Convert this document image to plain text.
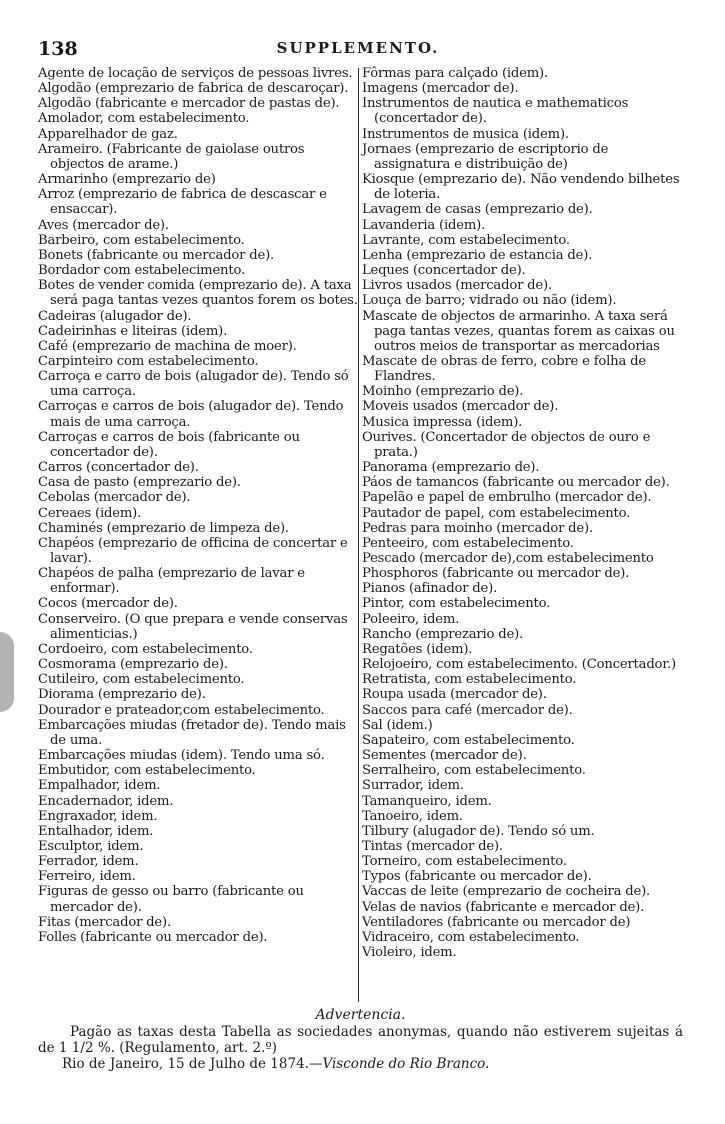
138	SUPPLEMENTO.
Agente de locação de serviços de pessoas livres.
Algodão (emprezario de fabrica de descaroçar).
Algodão (fabricante e mercador de pastas de).
Amolador, com estabelecimento.
Apparelhador de gaz.
Arameiro. (Fabricante de gaiolase outros objectos de arame.)
Armarinho (emprezario de)
Arroz (emprezario de fabrica de descascar e ensaccar).
Aves (mercador de).
Barbeiro, com estabelecimento.
Bonets (fabricante ou mercador de).
Bordador com estabelecimento.
Botes de vender comida (emprezario de). A taxa será paga tantas vezes quantos forem os botes.
Cadeiras (alugador de).
Cadeirinhas e liteiras (idem).
Café (emprezario de machina de moer).
Carpinteiro com estabelecimento.
Carroça e carro de bois (alugador de). Tendo só uma carroça.
Carroças e carros de bois (alugador de). Tendo mais de uma carroça.
Carroças e carros de bois (fabricante ou concertador de).
Carros (concertador de).
Casa de pasto (emprezario de).
Cebolas (mercador de).
Cereaes (idem).
Chaminés (emprezario de limpeza de).
Chapéos (emprezario de officina de concertar e lavar).
Chapéos de palha (emprezario de lavar e enformar).
Cocos (mercador de).
Conserveiro. (O que prepara e vende conservas alimenticias.)
Cordoeiro, com estabelecimento.
Cosmorama (emprezario de).
Cutileiro, com estabelecimento.
Diorama (emprezario de).
Dourador e prateador,com estabelecimento.
Embarcações miudas (fretador de). Tendo mais de uma.
Embarcações miudas (idem). Tendo uma só.
Embutidor, com estabelecimento.
Empalhador, idem.
Encadernador, idem.
Engraxador, idem.
Entalhador, idem.
Esculptor, idem.
Ferrador, idem.
Ferreiro, idem.
Figuras de gesso ou barro (fabricante ou mercador de).
Fitas (mercador de).
Folles (fabricante ou mercador de).
Fôrmas para calçado (idem).
Imagens (mercador de).
Instrumentos de nautica e mathematicos (concertador de).
Instrumentos de musica (idem).
Jornaes (emprezario de escriptorio de assignatura e distribuição de)
Kiosque (emprezario de). Não vendendo bilhetes de loteria.
Lavagem de casas (emprezario de).
Lavanderia (idem).
Lavrante, com estabelecimento.
Lenha (emprezario de estancia de).
Leques (concertador de).
Livros usados (mercador de).
Louça de barro; vidrado ou não (idem).
Mascate de objectos de armarinho. A taxa será paga tantas vezes, quantas forem as caixas ou outros meios de transportar as mercadorias
Mascate de obras de ferro, cobre e folha de Flandres.
Moinho (emprezario de).
Moveis usados (mercador de).
Musica impressa (idem).
Ourives. (Concertador de objectos de ouro e prata.)
Panorama (emprezario de).
Páos de tamancos (fabricante ou mercador de).
Papelão e papel de embrulho (mercador de).
Pautador de papel, com estabelecimento.
Pedras para moinho (mercador de).
Penteeiro, com estabelecimento.
Pescado (mercador de),com estabelecimento
Phosphoros (fabricante ou mercador de).
Pianos (afinador de).
Pintor, com estabelecimento.
Poleeiro, idem.
Rancho (emprezario de).
Regatões (idem).
Relojoeiro, com estabelecimento. (Concertador.)
Retratista, com estabelecimento.
Roupa usada (mercador de).
Saccos para café (mercador de).
Sal (idem.)
Sapateiro, com estabelecimento.
Sementes (mercador de).
Serralheiro, com estabelecimento.
Surrador, idem.
Tamanqueiro, idem.
Tanoeiro, idem.
Tilbury (alugador de). Tendo só um.
Tintas (mercador de).
Torneiro, com estabelecimento.
Typos (fabricante ou mercador de).
Vaccas de leite (emprezario de cocheira de).
Velas de navios (fabricante e mercador de).
Ventiladores (fabricante ou mercador de)
Vidraceiro, com estabelecimento.
Violeiro, idem.
Advertencia.

Pagão as taxas desta Tabella as sociedades anonymas, quando não estiverem sujeitas á de 1 1/2 %. (Regulamento, art. 2.º)

Rio de Janeiro, 15 de Julho de 1874.—Visconde do Rio Branco.
